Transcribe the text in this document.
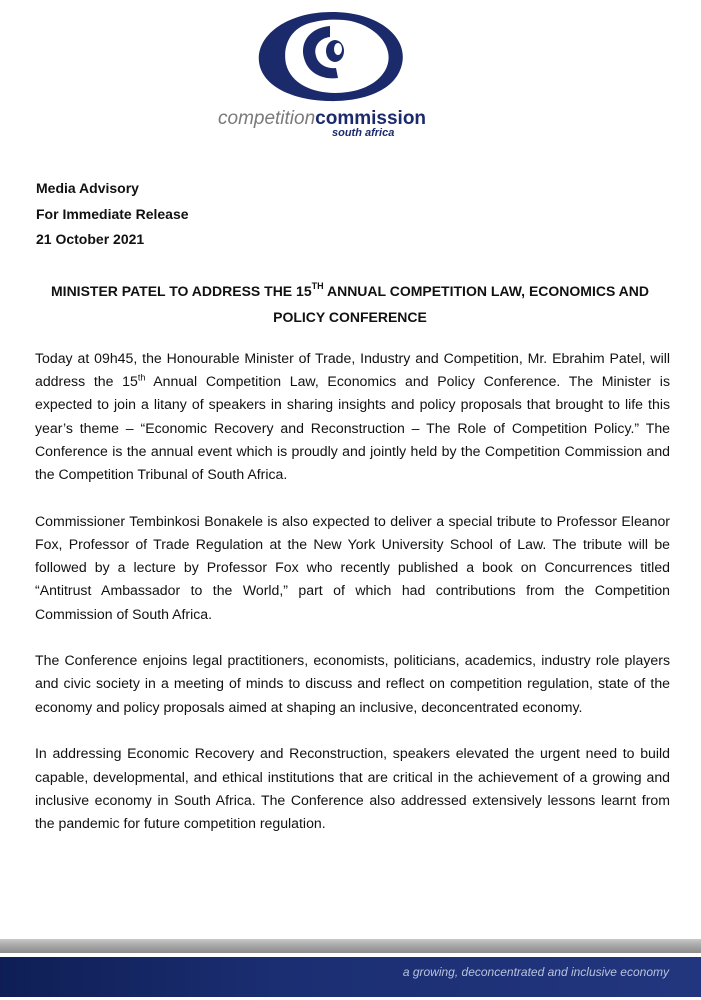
competitioncommission
south africa
Media Advisory
For Immediate Release
21 October 2021
MINISTER PATEL TO ADDRESS THE 15TH ANNUAL COMPETITION LAW, ECONOMICS AND POLICY CONFERENCE

Today at 09h45, the Honourable Minister of Trade, Industry and Competition, Mr. Ebrahim Patel, will address the 15th Annual Competition Law, Economics and Policy Conference. The Minister is expected to join a litany of speakers in sharing insights and policy proposals that brought to life this year’s theme – “Economic Recovery and Reconstruction – The Role of Competition Policy.” The Conference is the annual event which is proudly and jointly held by the Competition Commission and the Competition Tribunal of South Africa.

Commissioner Tembinkosi Bonakele is also expected to deliver a special tribute to Professor Eleanor Fox, Professor of Trade Regulation at the New York University School of Law. The tribute will be followed by a lecture by Professor Fox who recently published a book on Concurrences titled “Antitrust Ambassador to the World,” part of which had contributions from the Competition Commission of South Africa.

The Conference enjoins legal practitioners, economists, politicians, academics, industry role players and civic society in a meeting of minds to discuss and reflect on competition regulation, state of the economy and policy proposals aimed at shaping an inclusive, deconcentrated economy.

In addressing Economic Recovery and Reconstruction, speakers elevated the urgent need to build capable, developmental, and ethical institutions that are critical in the achievement of a growing and inclusive economy in South Africa. The Conference also addressed extensively lessons learnt from the pandemic for future competition regulation.

a growing, deconcentrated and inclusive economy
